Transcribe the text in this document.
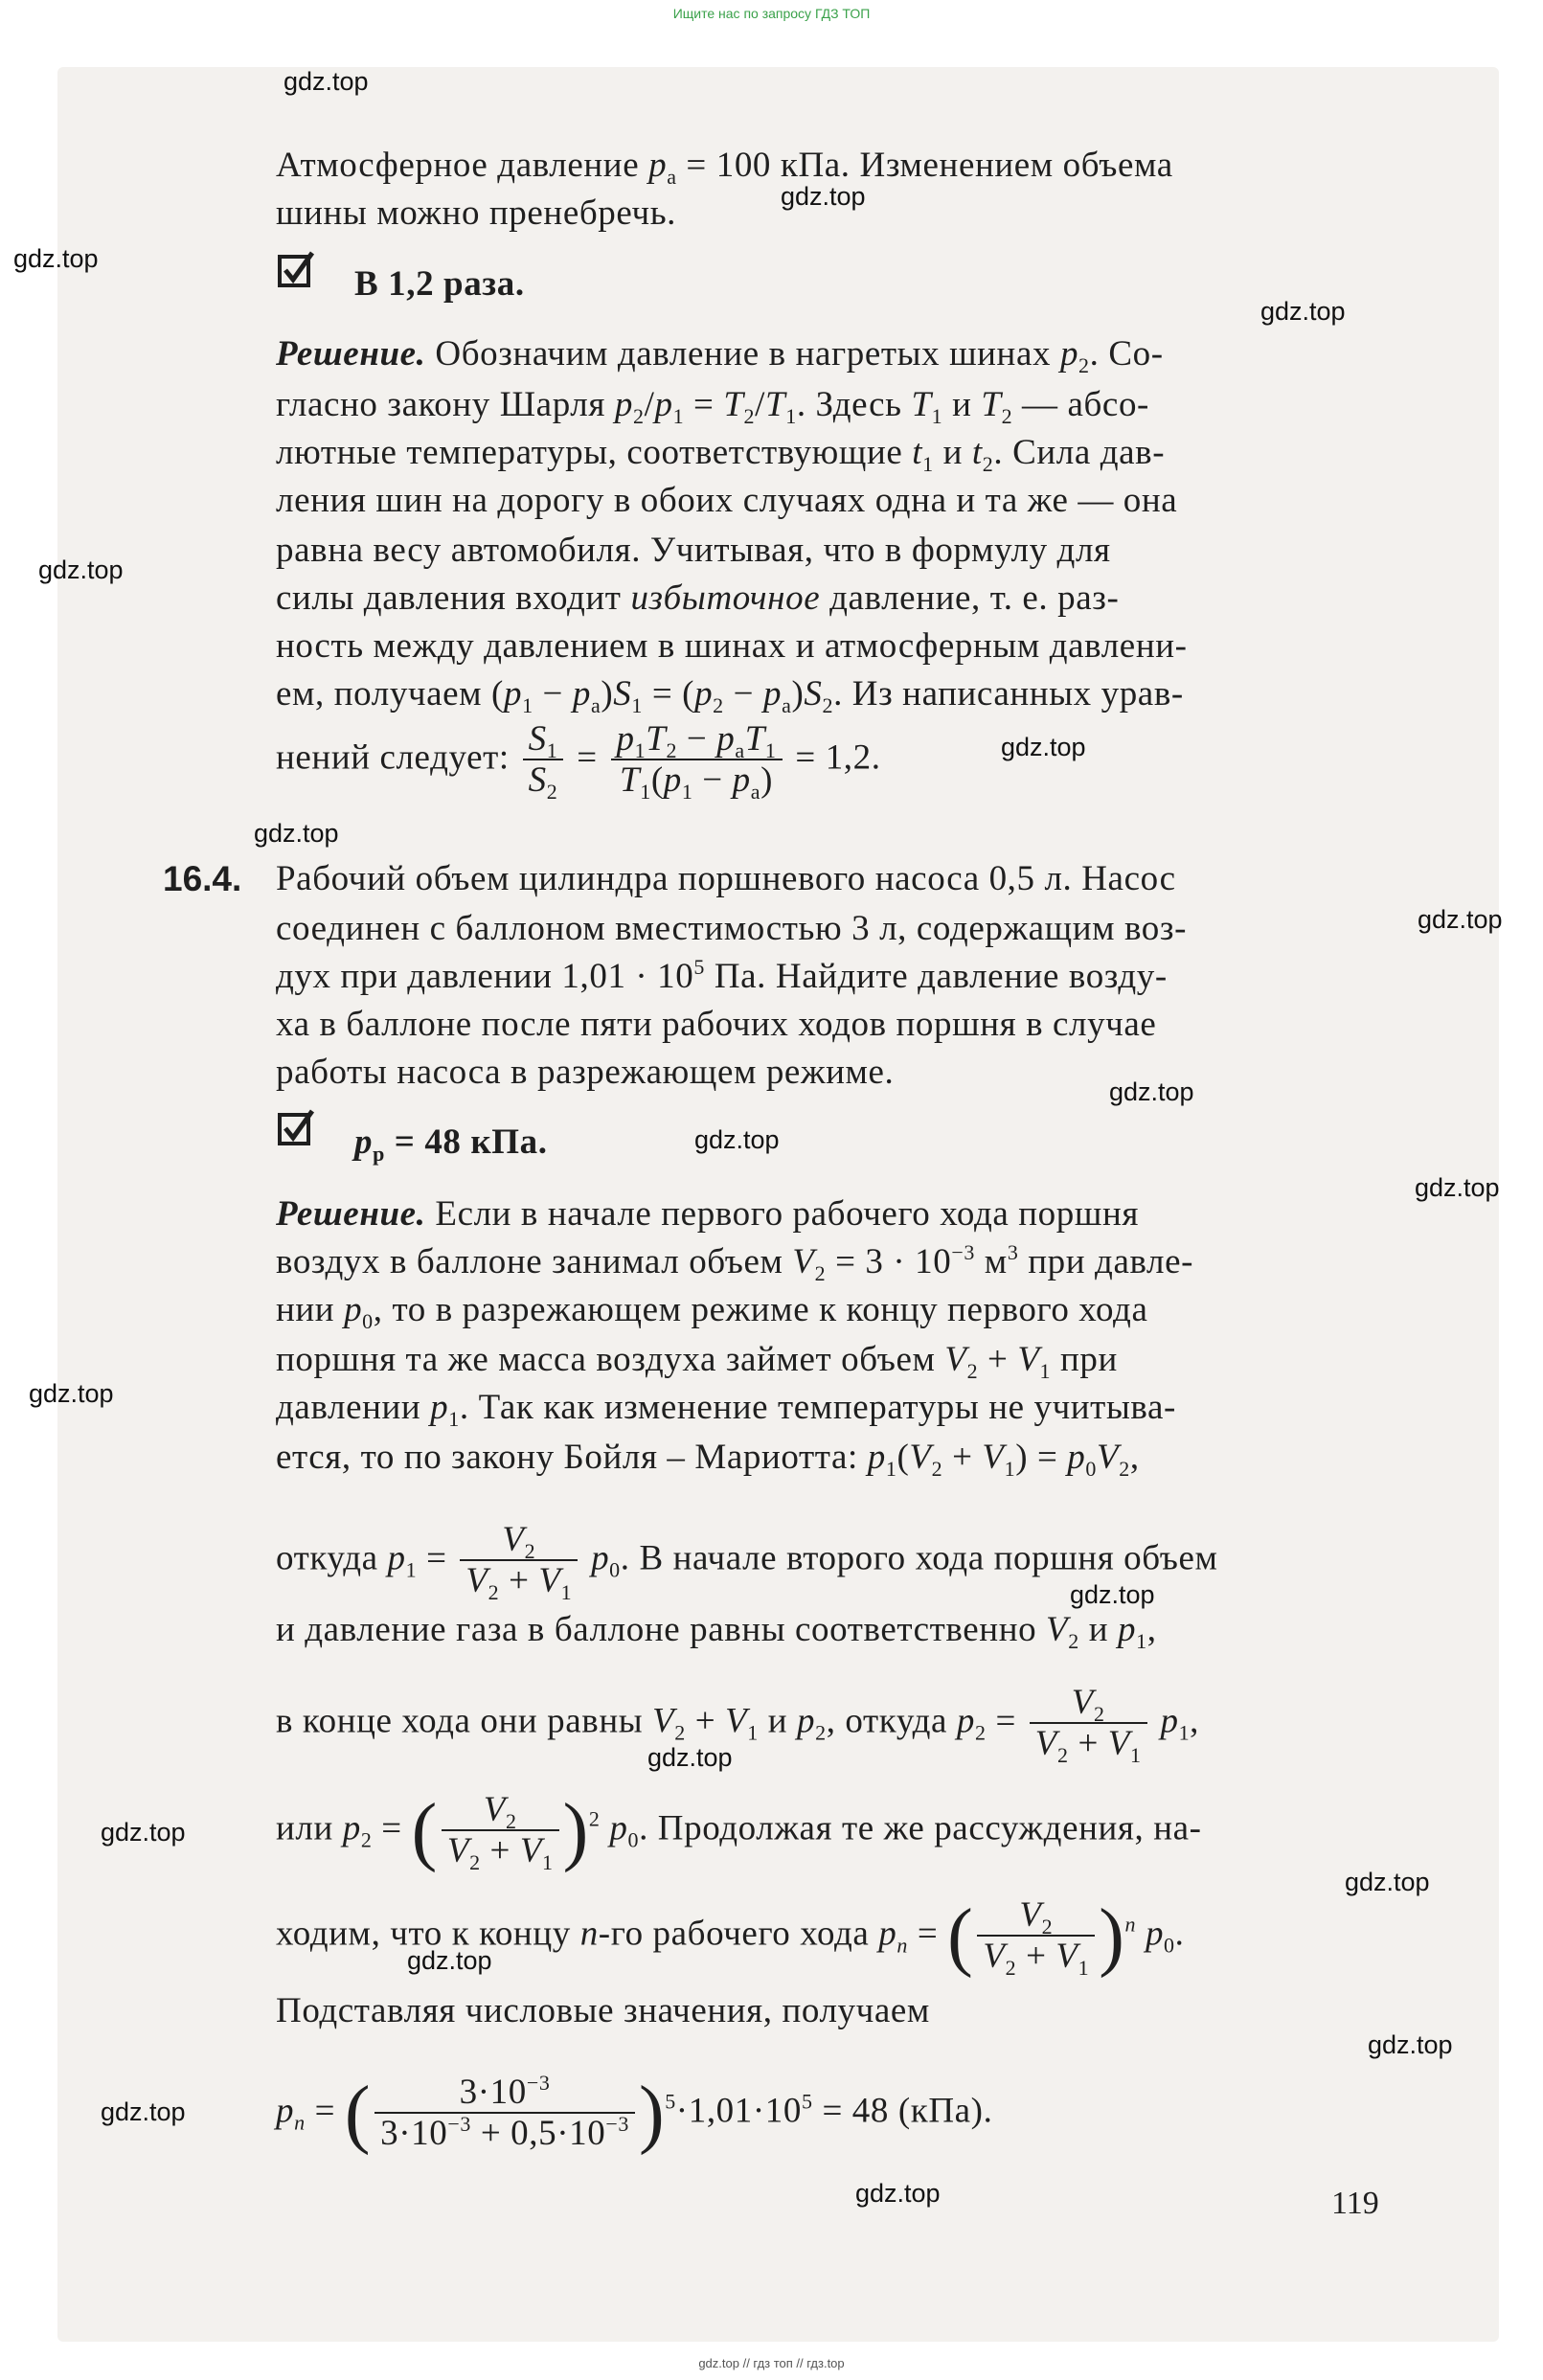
Ищите нас по запросу ГДЗ ТОП
gdz.top
gdz.top
gdz.top
gdz.top
gdz.top
gdz.top
gdz.top
gdz.top
gdz.top
gdz.top
gdz.top
gdz.top
gdz.top
gdz.top
gdz.top
gdz.top
gdz.top
gdz.top
gdz.top
gdz.top
Атмосферное давление $p_а = 100$ кПа. Изменением объема
шины можно пренебречь.
В 1,2 раза.
Решение. Обозначим давление в нагретых шинах $p_2$. Со-
гласно закону Шарля $p_2/p_1 = T_2/T_1$. Здесь $T_1$ и $T_2$ — абсо-
лютные температуры, соответствующие $t_1$ и $t_2$. Сила дав-
ления шин на дорогу в обоих случаях одна и та же — она
равна весу автомобиля. Учитывая, что в формулу для
силы давления входит избыточное давление, т. е. раз-
ность между давлением в шинах и атмосферным давлени-
ем, получаем $(p_1 - p_а)S_1 = (p_2 - p_а)S_2$. Из написанных урав-
нений следует: $\frac{S_1}{S_2} = \frac{p_1T_2 - p_аT_1}{T_1(p_1 - p_а)} = 1,2$.
16.4. Рабочий объем цилиндра поршневого насоса 0,5 л. Насос
соединен с баллоном вместимостью 3 л, содержащим воз-
дух при давлении $1,01 \cdot 10^5$ Па. Найдите давление возду-
ха в баллоне после пяти рабочих ходов поршня в случае
работы насоса в разрежающем режиме.
$p_р = 48$ кПа.
Решение. Если в начале первого рабочего хода поршня
воздух в баллоне занимал объем $V_2 = 3 \cdot 10^{-3}$ $м^3$ при давле-
нии $p_0$, то в разрежающем режиме к концу первого хода
поршня та же масса воздуха займет объем $V_2 + V_1$ при
давлении $p_1$. Так как изменение температуры не учитыва-
ется, то по закону Бойля – Мариотта: $p_1(V_2 + V_1) = p_0V_2$,
откуда $p_1 = \frac{V_2}{V_2 + V_1} p_0$. В начале второго хода поршня объем
и давление газа в баллоне равны соответственно $V_2$ и $p_1$,
в конце хода они равны $V_2 + V_1$ и $p_2$, откуда $p_2 = \frac{V_2}{V_2 + V_1} p_1$,
или $p_2$ = ( $\frac{V_2}{V_2 + V_1} )^2$ $p_0$. Продолжая те же рассуждения, на-
ходим, что к концу n-го рабочего хода $p_n$ = ( $\frac{V_2}{V_2 + V_1} )^n$ $p_0$.
Подставляя числовые значения, получаем
$p_n$ = ( $\frac{3\cdot 10^{-3}}{3\cdot 10^{-3} + 0,5\cdot 10^{-3}} )^5\cdot 1,01\cdot 10^5 = 48$ (кПа).
119
gdz.top // гдз топ // гдз.top
